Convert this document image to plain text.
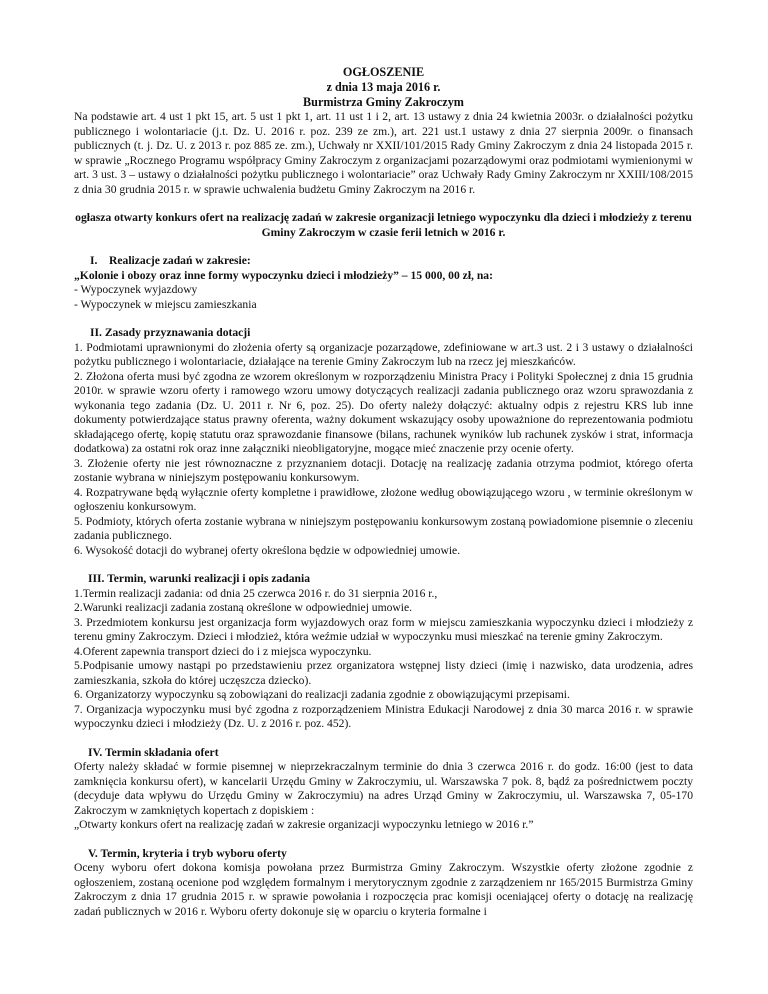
OGŁOSZENIE
z dnia 13 maja 2016 r.
Burmistrza Gminy Zakroczym

Na podstawie art. 4 ust 1 pkt 15, art. 5 ust 1 pkt 1, art. 11 ust 1 i 2, art. 13 ustawy z dnia 24 kwietnia 2003r. o działalności pożytku publicznego i wolontariacie (j.t. Dz. U. 2016 r. poz. 239 ze zm.), art. 221 ust.1 ustawy z dnia 27 sierpnia 2009r. o finansach publicznych (t. j. Dz. U. z 2013 r. poz 885 ze. zm.), Uchwały nr XXII/101/2015 Rady Gminy Zakroczym z dnia 24 listopada 2015 r. w sprawie „Rocznego Programu współpracy Gminy Zakroczym z organizacjami pozarządowymi oraz podmiotami wymienionymi w art. 3 ust. 3 – ustawy o działalności pożytku publicznego i wolontariacie” oraz Uchwały Rady Gminy Zakroczym nr XXIII/108/2015 z dnia 30 grudnia 2015 r. w sprawie uchwalenia budżetu Gminy Zakroczym na 2016 r.

ogłasza otwarty konkurs ofert na realizację zadań w zakresie organizacji letniego wypoczynku dla dzieci i młodzieży z terenu Gminy Zakroczym w czasie ferii letnich w 2016 r.

I.    Realizacje zadań w zakresie:

„Kolonie i obozy oraz inne formy wypoczynku dzieci i młodzieży” – 15 000, 00 zł, na:

- Wypoczynek wyjazdowy

- Wypoczynek w miejscu zamieszkania

II. Zasady przyznawania dotacji

1. Podmiotami uprawnionymi do złożenia oferty są organizacje pozarządowe, zdefiniowane w art.3 ust. 2 i 3 ustawy o działalności pożytku publicznego i wolontariacie, działające na terenie Gminy Zakroczym lub na rzecz jej mieszkańców.

2. Złożona oferta musi być zgodna ze wzorem określonym w rozporządzeniu Ministra Pracy i Polityki Społecznej z dnia 15 grudnia 2010r. w sprawie wzoru oferty i ramowego wzoru umowy dotyczących realizacji zadania publicznego oraz wzoru sprawozdania z wykonania tego zadania (Dz. U. 2011 r. Nr 6, poz. 25). Do oferty należy dołączyć: aktualny odpis z rejestru KRS lub inne dokumenty potwierdzające status prawny oferenta, ważny dokument wskazujący osoby upoważnione do reprezentowania podmiotu składającego ofertę, kopię statutu oraz sprawozdanie finansowe (bilans, rachunek wyników lub rachunek zysków i strat, informacja dodatkowa) za ostatni rok oraz inne załączniki nieobligatoryjne, mogące mieć znaczenie przy ocenie oferty.

3. Złożenie oferty nie jest równoznaczne z przyznaniem dotacji. Dotację na realizację zadania otrzyma podmiot, którego oferta zostanie wybrana w niniejszym postępowaniu konkursowym.

4. Rozpatrywane będą wyłącznie oferty kompletne i prawidłowe, złożone według obowiązującego wzoru , w terminie określonym w ogłoszeniu konkursowym.

5. Podmioty, których oferta zostanie wybrana w niniejszym postępowaniu konkursowym zostaną powiadomione pisemnie o zleceniu zadania publicznego.

6. Wysokość dotacji do wybranej oferty określona będzie w odpowiedniej umowie.

III. Termin, warunki realizacji i opis zadania

1.Termin realizacji zadania: od dnia 25 czerwca 2016 r. do 31 sierpnia 2016 r.,

2.Warunki realizacji zadania zostaną określone w odpowiedniej umowie.

3. Przedmiotem konkursu jest organizacja form wyjazdowych oraz form w miejscu zamieszkania wypoczynku dzieci i młodzieży z terenu gminy Zakroczym. Dzieci i młodzież, która weźmie udział w wypoczynku musi mieszkać na terenie gminy Zakroczym.

4.Oferent zapewnia transport dzieci do i z miejsca wypoczynku.

5.Podpisanie umowy nastąpi po przedstawieniu przez organizatora wstępnej listy dzieci (imię i nazwisko, data urodzenia, adres zamieszkania, szkoła do której uczęszcza dziecko).

6. Organizatorzy wypoczynku są zobowiązani do realizacji zadania zgodnie z obowiązującymi przepisami.

7. Organizacja wypoczynku musi być zgodna z rozporządzeniem Ministra Edukacji Narodowej z dnia 30 marca 2016 r. w sprawie wypoczynku dzieci i młodzieży (Dz. U. z 2016 r. poz. 452).

IV. Termin składania ofert

Oferty należy składać w formie pisemnej w nieprzekraczalnym terminie do dnia 3 czerwca 2016 r. do godz. 16:00 (jest to data zamknięcia konkursu ofert), w kancelarii Urzędu Gminy w Zakroczymiu, ul. Warszawska 7 pok. 8, bądź za pośrednictwem poczty (decyduje data wpływu do Urzędu Gminy w Zakroczymiu) na adres Urząd Gminy w Zakroczymiu, ul. Warszawska 7, 05-170 Zakroczym w zamkniętych kopertach z dopiskiem :

„Otwarty konkurs ofert na realizację zadań w zakresie organizacji wypoczynku letniego w 2016 r.”

V. Termin, kryteria i tryb wyboru oferty

Oceny wyboru ofert dokona komisja powołana przez Burmistrza Gminy Zakroczym. Wszystkie oferty złożone zgodnie z ogłoszeniem, zostaną ocenione pod względem formalnym i merytorycznym zgodnie z zarządzeniem nr 165/2015 Burmistrza Gminy Zakroczym z dnia 17 grudnia 2015 r. w sprawie powołania i rozpoczęcia prac komisji oceniającej oferty o dotację na realizację zadań publicznych w 2016 r. Wyboru oferty dokonuje się w oparciu o kryteria formalne i
